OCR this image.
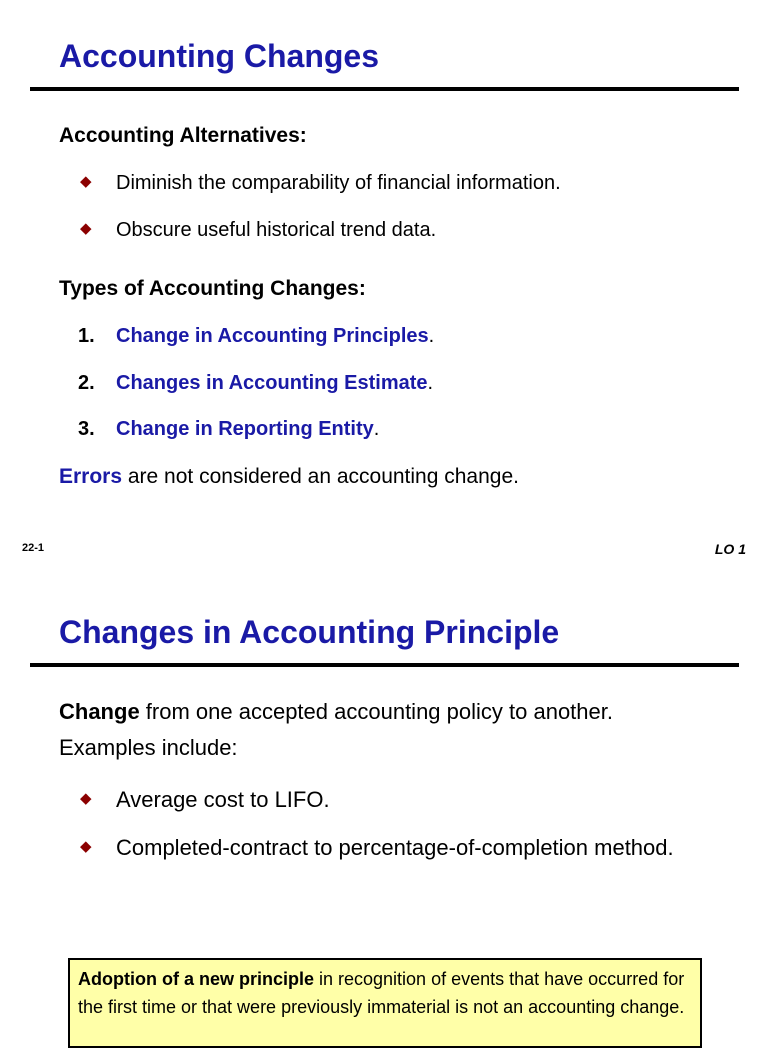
Accounting Changes
Accounting Alternatives:
◆ Diminish the comparability of financial information.
◆ Obscure useful historical trend data.
Types of Accounting Changes:
1. Change in Accounting Principles.
2. Changes in Accounting Estimate.
3. Change in Reporting Entity.
Errors are not considered an accounting change.
22-1	LO 1
Changes in Accounting Principle
Change from one accepted accounting policy to another.
Examples include:
◆ Average cost to LIFO.
◆ Completed-contract to percentage-of-completion method.
Adoption of a new principle in recognition of events that have occurred for the first time or that were previously immaterial is not an accounting change.
